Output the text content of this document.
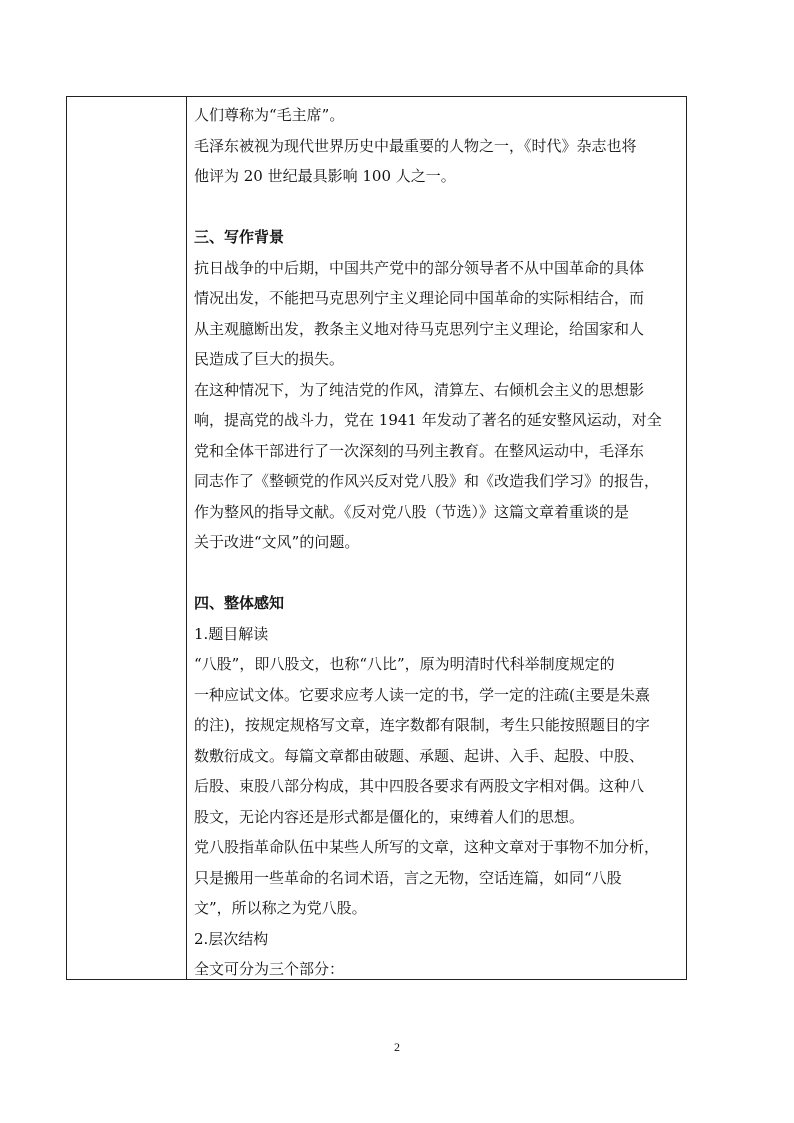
人们尊称为“毛主席”。
毛泽东被视为现代世界历史中最重要的人物之一，《时代》杂志也将
他评为 20 世纪最具影响 100 人之一。
三、写作背景
抗日战争的中后期，中国共产党中的部分领导者不从中国革命的具体
情况出发，不能把马克思列宁主义理论同中国革命的实际相结合，而
从主观臆断出发，教条主义地对待马克思列宁主义理论，给国家和人
民造成了巨大的损失。
在这种情况下，为了纯洁党的作风，清算左、右倾机会主义的思想影
响，提高党的战斗力，党在 1941 年发动了著名的延安整风运动，对全
党和全体干部进行了一次深刻的马列主教育。在整风运动中，毛泽东
同志作了《整顿党的作风兴反对党八股》和《改造我们学习》的报告，
作为整风的指导文献。《反对党八股（节选）》这篇文章着重谈的是
关于改进“文风”的问题。
四、整体感知
1.题目解读
“八股”，即八股文，也称“八比”，原为明清时代科举制度规定的
一种应试文体。它要求应考人读一定的书，学一定的注疏(主要是朱熹
的注)，按规定规格写文章，连字数都有限制，考生只能按照题目的字
数敷衍成文。每篇文章都由破题、承题、起讲、入手、起股、中股、
后股、束股八部分构成，其中四股各要求有两股文字相对偶。这种八
股文，无论内容还是形式都是僵化的，束缚着人们的思想。
党八股指革命队伍中某些人所写的文章，这种文章对于事物不加分析，
只是搬用一些革命的名词术语，言之无物，空话连篇，如同“八股
文”，所以称之为党八股。
2.层次结构
全文可分为三个部分：
2
